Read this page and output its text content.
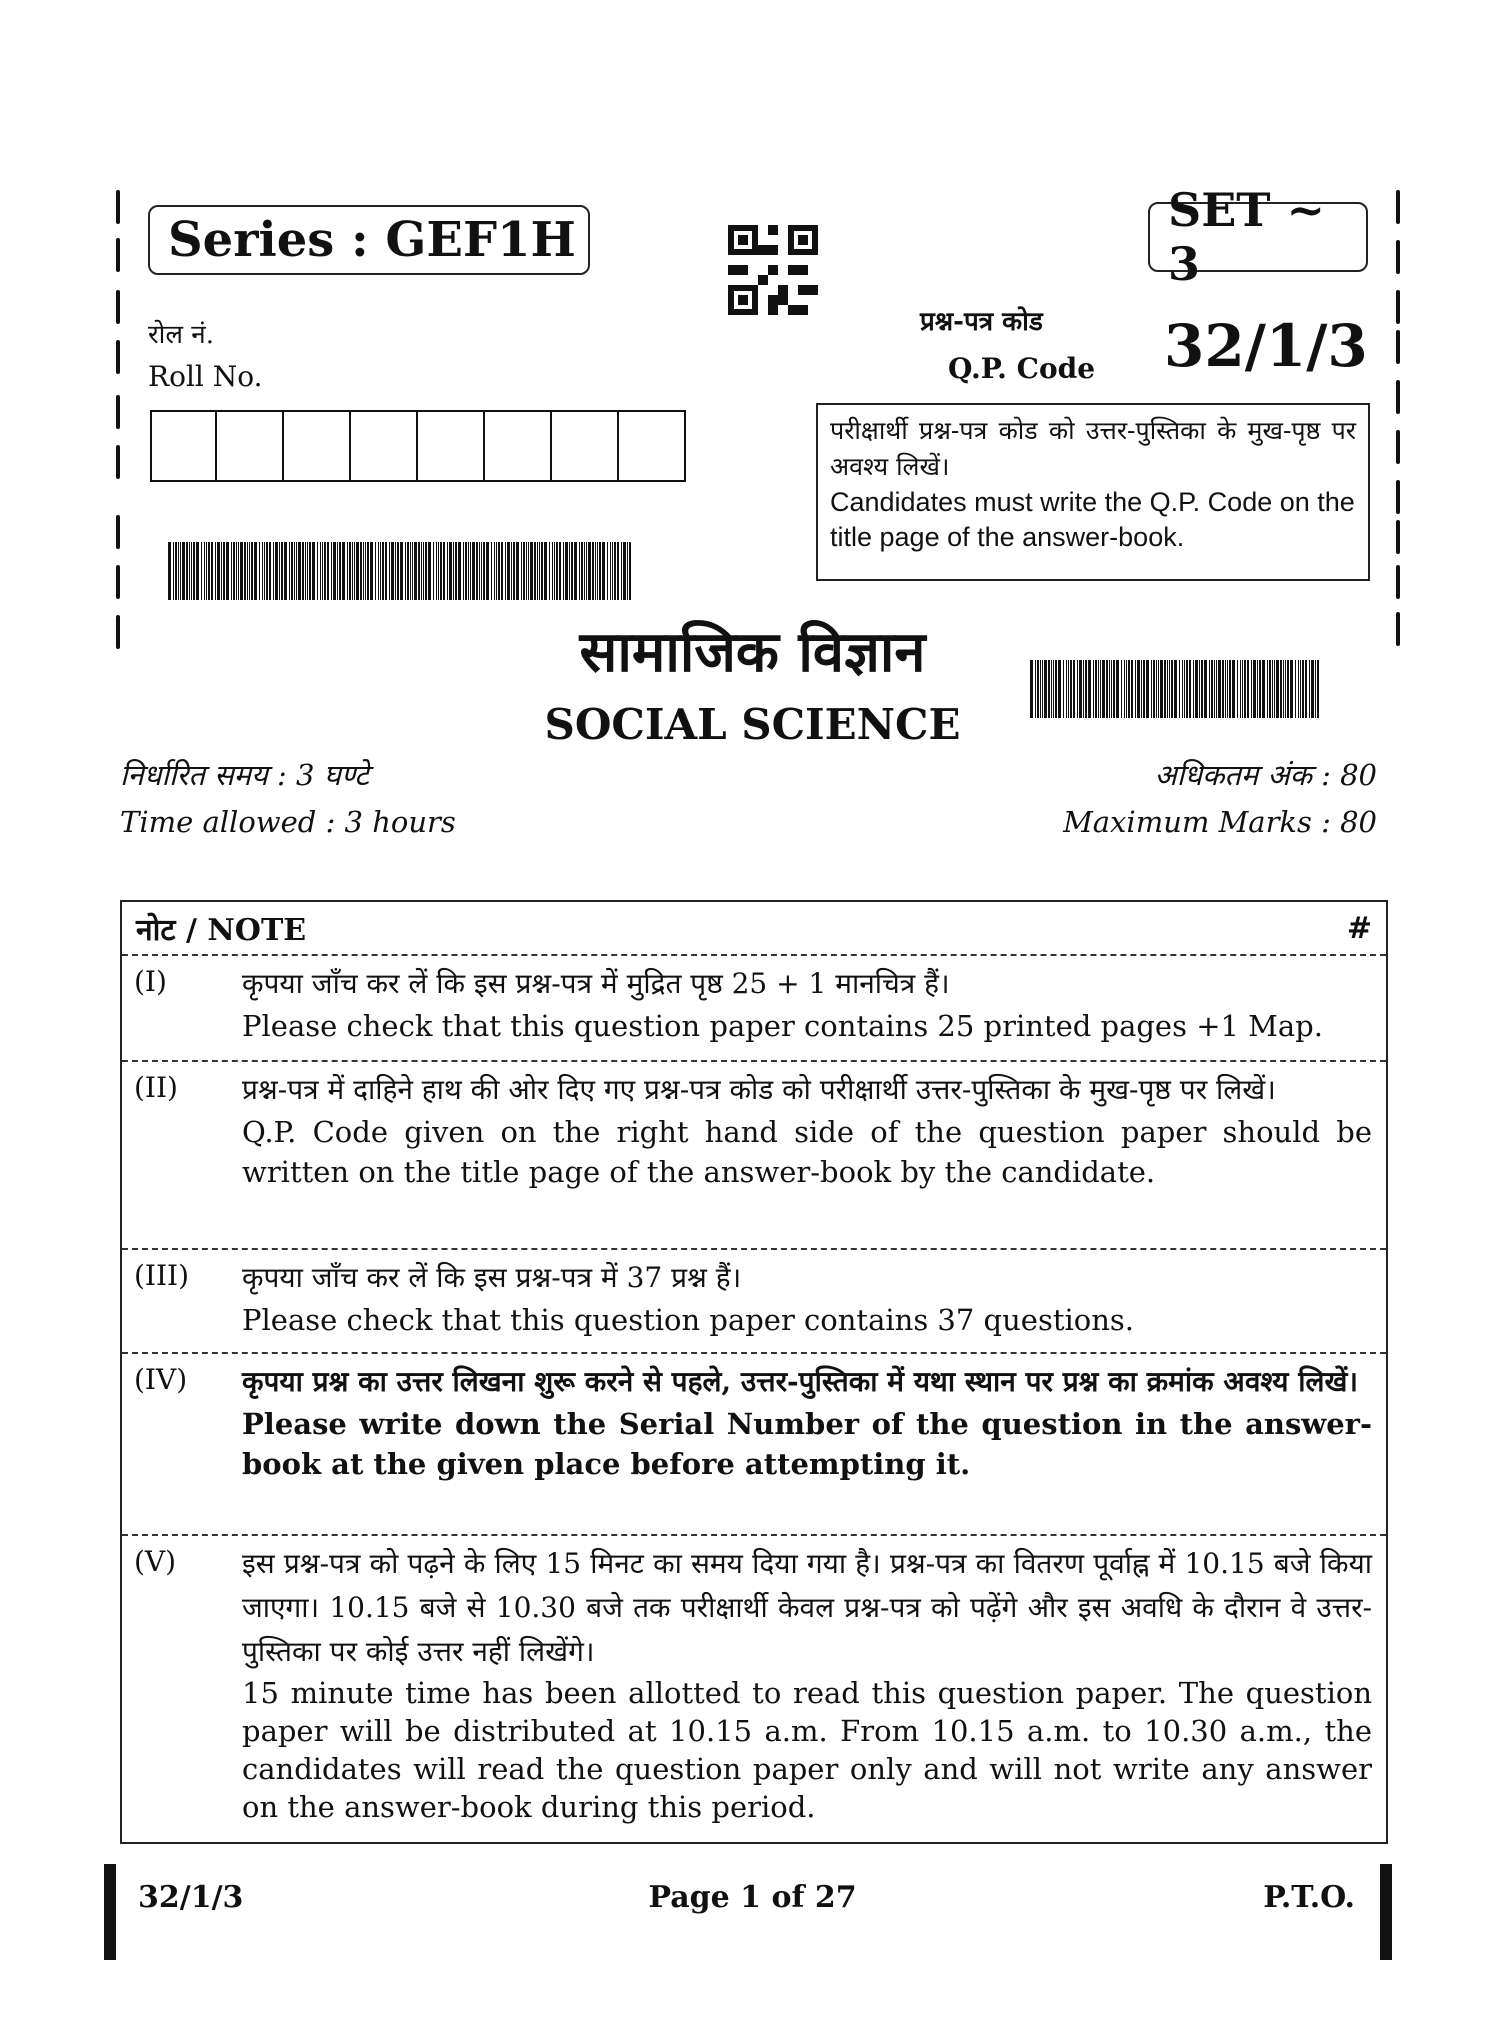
Series : GEF1H
SET ~ 3
रोल नं.
Roll No.
प्रश्न-पत्र कोड
Q.P. Code 32/1/3
परीक्षार्थी प्रश्न-पत्र कोड को उत्तर-पुस्तिका के मुख-पृष्ठ पर अवश्य लिखें।
Candidates must write the Q.P. Code on the title page of the answer-book.
सामाजिक विज्ञान
SOCIAL SCIENCE
निर्धारित समय : 3 घण्टे
Time allowed : 3 hours
अधिकतम अंक : 80
Maximum Marks : 80
नोट / NOTE	#
(I)	कृपया जाँच कर लें कि इस प्रश्न-पत्र में मुद्रित पृष्ठ 25 + 1 मानचित्र हैं।
Please check that this question paper contains 25 printed pages +1 Map.
(II)	प्रश्न-पत्र में दाहिने हाथ की ओर दिए गए प्रश्न-पत्र कोड को परीक्षार्थी उत्तर-पुस्तिका के मुख-पृष्ठ पर लिखें।
Q.P. Code given on the right hand side of the question paper should be written on the title page of the answer-book by the candidate.
(III)	कृपया जाँच कर लें कि इस प्रश्न-पत्र में 37 प्रश्न हैं।
Please check that this question paper contains 37 questions.
(IV)	कृपया प्रश्न का उत्तर लिखना शुरू करने से पहले, उत्तर-पुस्तिका में यथा स्थान पर प्रश्न का क्रमांक अवश्य लिखें।
Please write down the Serial Number of the question in the answer-book at the given place before attempting it.
(V)	इस प्रश्न-पत्र को पढ़ने के लिए 15 मिनट का समय दिया गया है। प्रश्न-पत्र का वितरण पूर्वाह्न में 10.15 बजे किया जाएगा। 10.15 बजे से 10.30 बजे तक परीक्षार्थी केवल प्रश्न-पत्र को पढ़ेंगे और इस अवधि के दौरान वे उत्तर-पुस्तिका पर कोई उत्तर नहीं लिखेंगे।
15 minute time has been allotted to read this question paper. The question paper will be distributed at 10.15 a.m. From 10.15 a.m. to 10.30 a.m., the candidates will read the question paper only and will not write any answer on the answer-book during this period.
32/1/3	Page 1 of 27	P.T.O.
